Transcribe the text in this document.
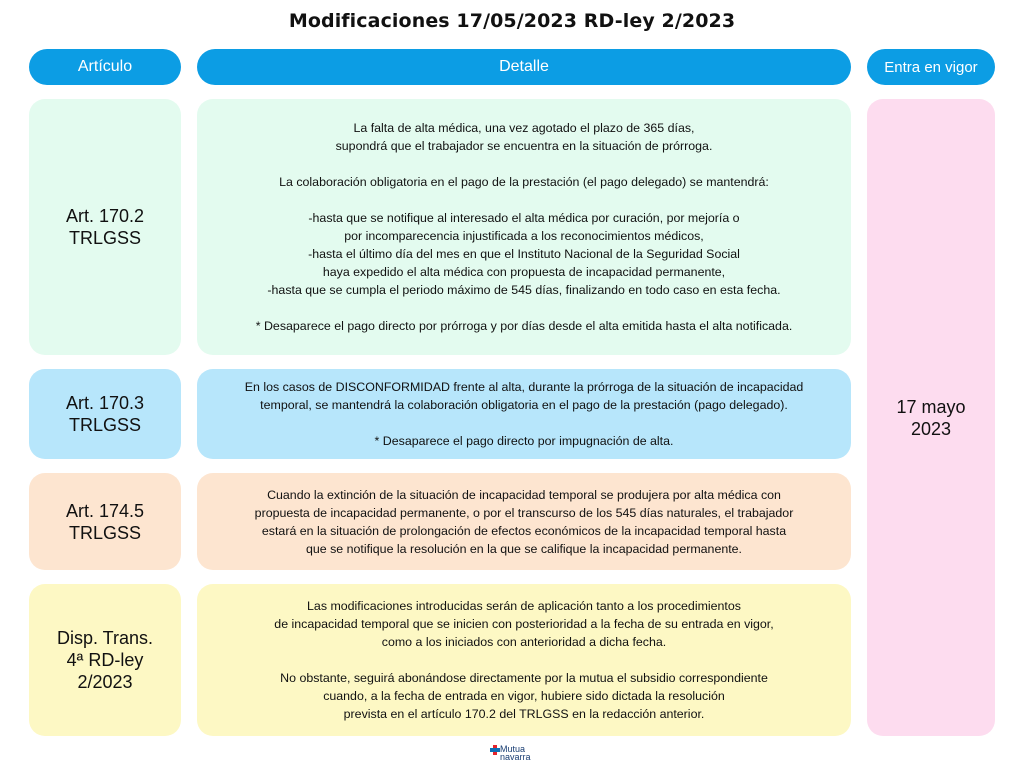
Modificaciones 17/05/2023 RD-ley 2/2023
Artículo	Detalle	Entra en vigor
Art. 170.2
TRLGSS
La falta de alta médica, una vez agotado el plazo de 365 días,
supondrá que el trabajador se encuentra en la situación de prórroga.

La colaboración obligatoria en el pago de la prestación (el pago delegado) se mantendrá:

-hasta que se notifique al interesado el alta médica por curación, por mejoría o
por incomparecencia injustificada a los reconocimientos médicos,
-hasta el último día del mes en que el Instituto Nacional de la Seguridad Social
haya expedido el alta médica con propuesta de incapacidad permanente,
-hasta que se cumpla el periodo máximo de 545 días, finalizando en todo caso en esta fecha.

* Desaparece el pago directo por prórroga y por días desde el alta emitida hasta el alta notificada.
Art. 170.3
TRLGSS
En los casos de DISCONFORMIDAD frente al alta, durante la prórroga de la situación de incapacidad
temporal, se mantendrá la colaboración obligatoria en el pago de la prestación (pago delegado).

* Desaparece el pago directo por impugnación de alta.
Art. 174.5
TRLGSS
Cuando la extinción de la situación de incapacidad temporal se produjera por alta médica con
propuesta de incapacidad permanente, o por el transcurso de los 545 días naturales, el trabajador
estará en la situación de prolongación de efectos económicos de la incapacidad temporal hasta
que se notifique la resolución en la que se califique la incapacidad permanente.
Disp. Trans.
4ª RD-ley
2/2023
Las modificaciones introducidas serán de aplicación tanto a los procedimientos
de incapacidad temporal que se inicien con posterioridad a la fecha de su entrada en vigor,
como a los iniciados con anterioridad a dicha fecha.

No obstante, seguirá abonándose directamente por la mutua el subsidio correspondiente
cuando, a la fecha de entrada en vigor, hubiere sido dictada la resolución
prevista en el artículo 170.2 del TRLGSS en la redacción anterior.
17 mayo
2023
Mutua
navarra
